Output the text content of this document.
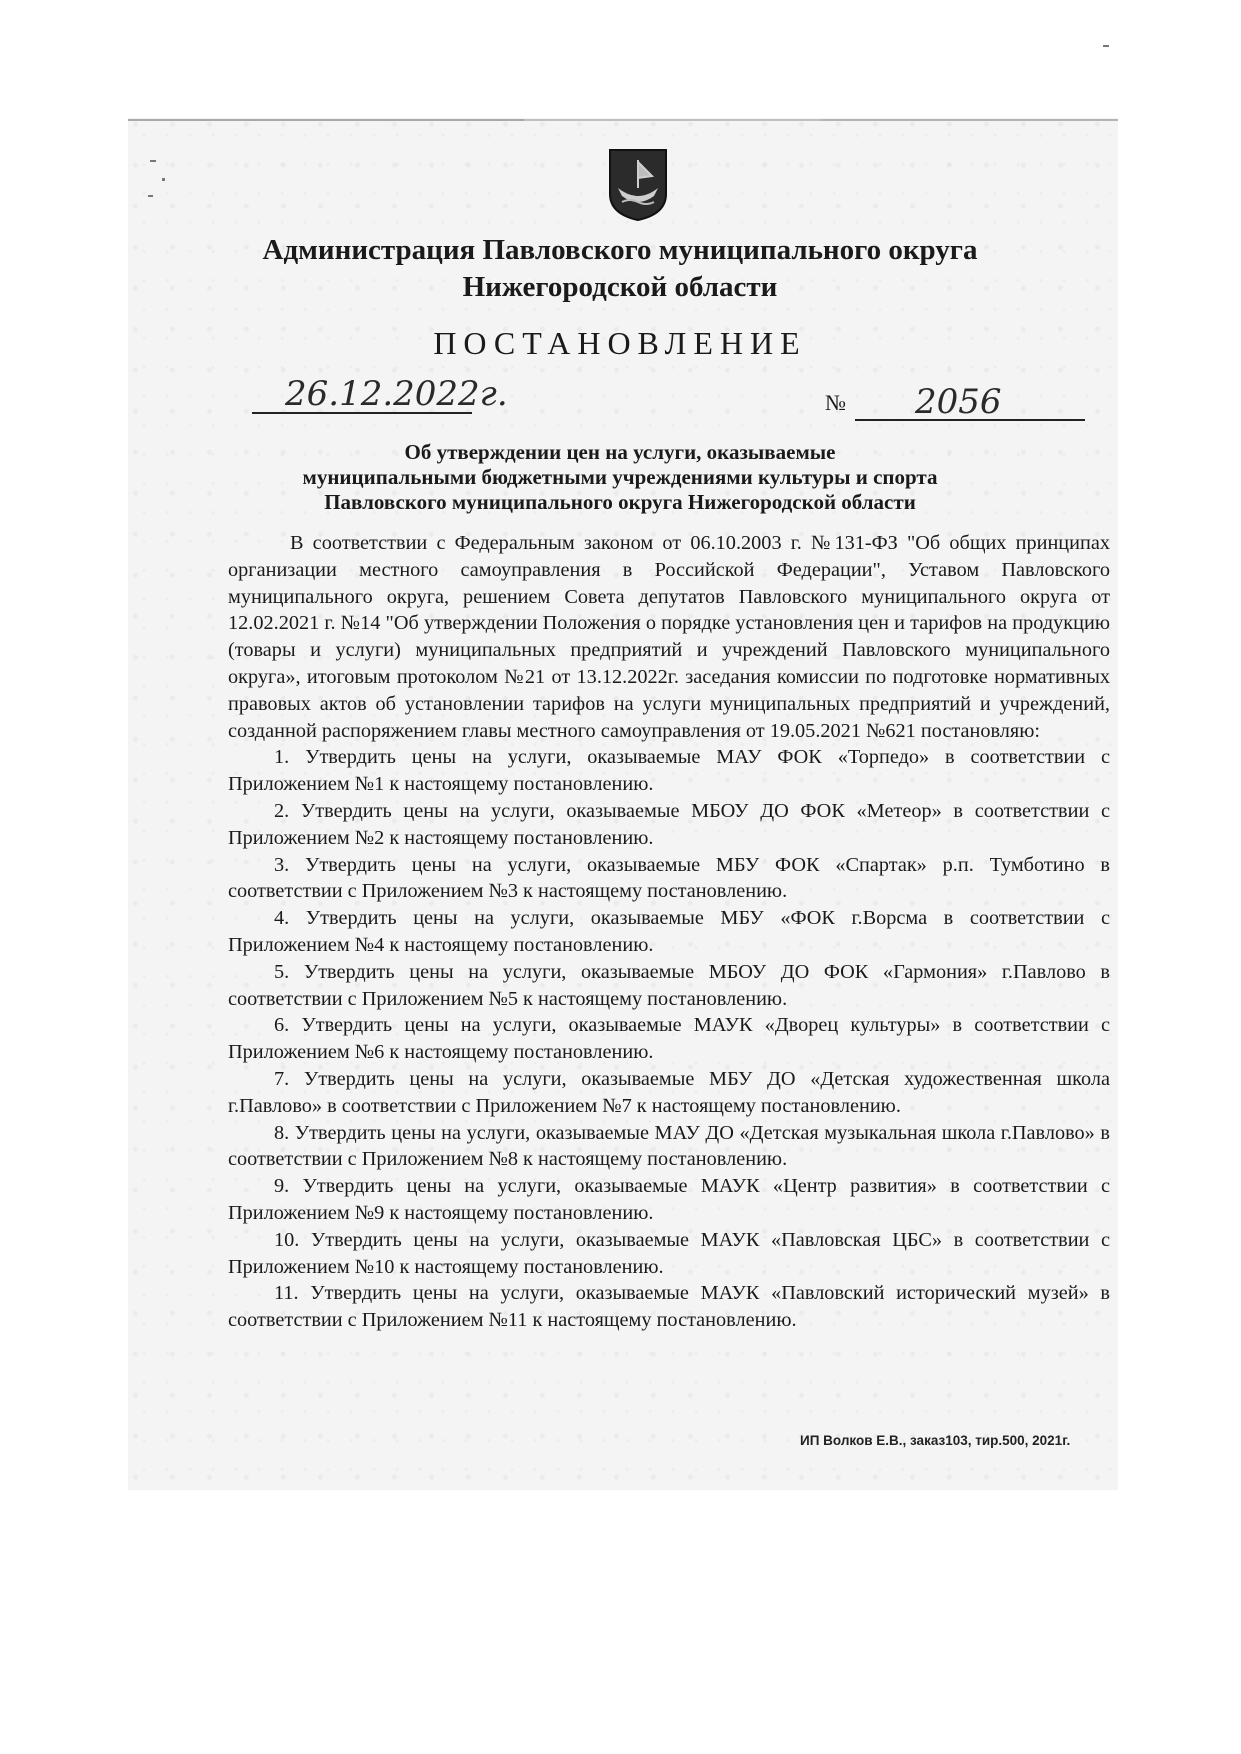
Администрация Павловского муниципального округа
Нижегородской области
ПОСТАНОВЛЕНИЕ
26.12.2022г.	№ 2056
Об утверждении цен на услуги, оказываемые
муниципальными бюджетными учреждениями культуры и спорта
Павловского муниципального округа Нижегородской области

В соответствии с Федеральным законом от 06.10.2003 г. №131-ФЗ "Об общих принципах организации местного самоуправления в Российской Федерации", Уставом Павловского муниципального округа, решением Совета депутатов Павловского муниципального округа от 12.02.2021 г. №14 "Об утверждении Положения о порядке установления цен и тарифов на продукцию (товары и услуги) муниципальных предприятий и учреждений Павловского муниципального округа», итоговым протоколом №21 от 13.12.2022г. заседания комиссии по подготовке нормативных правовых актов об установлении тарифов на услуги муниципальных предприятий и учреждений, созданной распоряжением главы местного самоуправления от 19.05.2021 №621 постановляю:

1. Утвердить цены на услуги, оказываемые МАУ ФОК «Торпедо» в соответствии с Приложением №1 к настоящему постановлению.

2. Утвердить цены на услуги, оказываемые МБОУ ДО ФОК «Метеор» в соответствии с Приложением №2 к настоящему постановлению.

3. Утвердить цены на услуги, оказываемые МБУ ФОК «Спартак» р.п. Тумботино в соответствии с Приложением №3 к настоящему постановлению.

4. Утвердить цены на услуги, оказываемые МБУ «ФОК г.Ворсма в соответствии с Приложением №4 к настоящему постановлению.

5. Утвердить цены на услуги, оказываемые МБОУ ДО ФОК «Гармония» г.Павлово в соответствии с Приложением №5 к настоящему постановлению.

6. Утвердить цены на услуги, оказываемые МАУК «Дворец культуры» в соответствии с Приложением №6 к настоящему постановлению.

7. Утвердить цены на услуги, оказываемые МБУ ДО «Детская художественная школа г.Павлово» в соответствии с Приложением №7 к настоящему постановлению.

8. Утвердить цены на услуги, оказываемые МАУ ДО «Детская музыкальная школа г.Павлово» в соответствии с Приложением №8 к настоящему постановлению.

9. Утвердить цены на услуги, оказываемые МАУК «Центр развития» в соответствии с Приложением №9 к настоящему постановлению.

10. Утвердить цены на услуги, оказываемые МАУК «Павловская ЦБС» в соответствии с Приложением №10 к настоящему постановлению.

11. Утвердить цены на услуги, оказываемые МАУК «Павловский исторический музей» в соответствии с Приложением №11 к настоящему постановлению.

ИП Волков Е.В., заказ103, тир.500, 2021г.
